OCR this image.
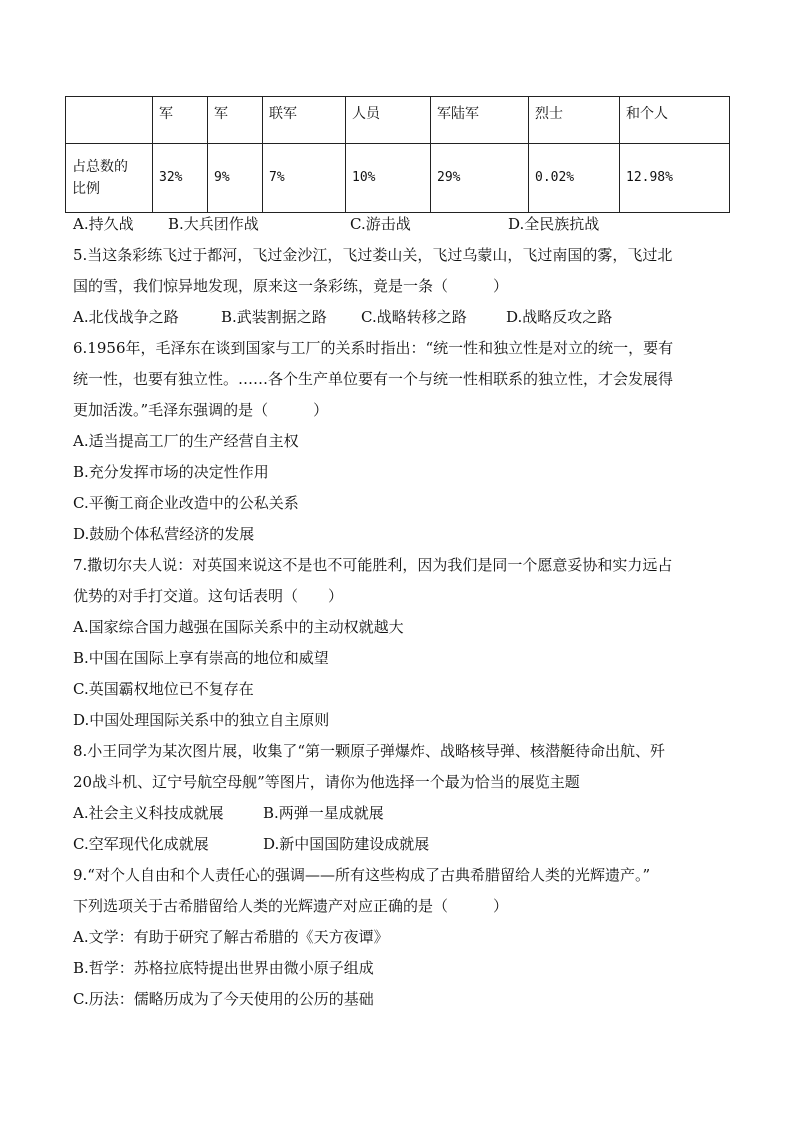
	军	军	联军	人员	军陆军	烈士	和个人

占总数的
比例	32%	9%	7%	10%	29%	0.02%	12.98%
A.持久战 B.大兵团作战	C.游击战	D.全民族抗战
5.当这条彩练飞过于都河，飞过金沙江，飞过娄山关，飞过乌蒙山，飞过南国的雾，飞过北
国的雪，我们惊异地发现，原来这一条彩练，竟是一条（　　　）
A.北伐战争之路	B.武装割据之路 C.战略转移之路	D.战略反攻之路
6.1956年，毛泽东在谈到国家与工厂的关系时指出：“统一性和独立性是对立的统一，要有
统一性，也要有独立性。……各个生产单位要有一个与统一性相联系的独立性，才会发展得
更加活泼。”毛泽东强调的是（　　　）
A.适当提高工厂的生产经营自主权
B.充分发挥市场的决定性作用
C.平衡工商企业改造中的公私关系
D.鼓励个体私营经济的发展
7.撒切尔夫人说：对英国来说这不是也不可能胜利，因为我们是同一个愿意妥协和实力远占
优势的对手打交道。这句话表明（　　）
A.国家综合国力越强在国际关系中的主动权就越大
B.中国在国际上享有崇高的地位和威望
C.英国霸权地位已不复存在
D.中国处理国际关系中的独立自主原则
8.小王同学为某次图片展，收集了“第一颗原子弹爆炸、战略核导弹、核潜艇待命出航、歼
20战斗机、辽宁号航空母舰”等图片，请你为他选择一个最为恰当的展览主题
A.社会主义科技成就展	B.两弹一星成就展
C.空军现代化成就展	D.新中国国防建设成就展
9.“对个人自由和个人责任心的强调——所有这些构成了古典希腊留给人类的光辉遗产。”
下列选项关于古希腊留给人类的光辉遗产对应正确的是（　　　）
A.文学：有助于研究了解古希腊的《天方夜谭》
B.哲学：苏格拉底特提出世界由微小原子组成
C.历法：儒略历成为了今天使用的公历的基础
